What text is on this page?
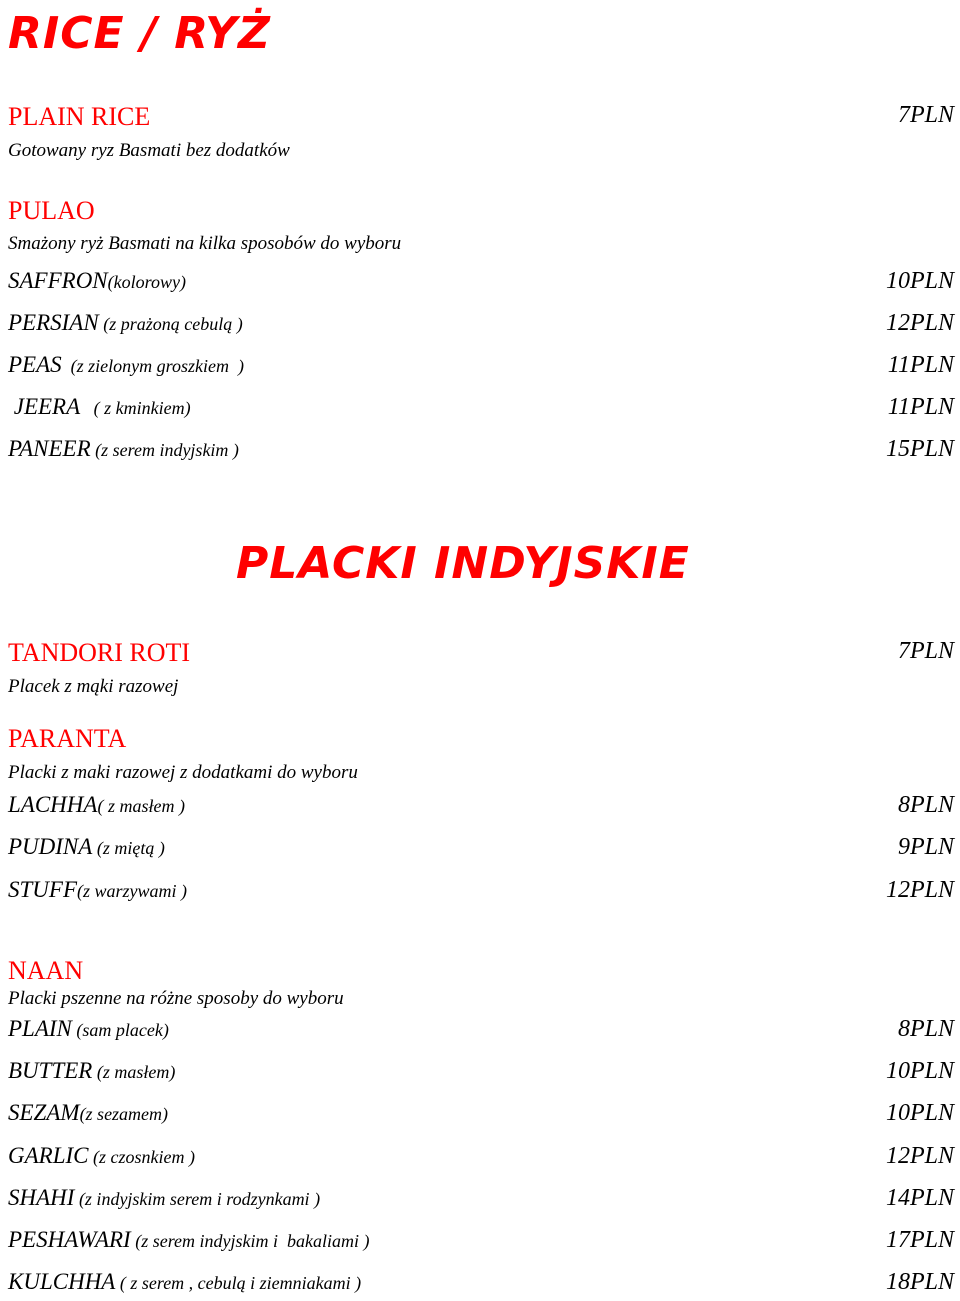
RICE / RYŻ
PLAIN RICE
Gotowany ryz Basmati bez dodatków
7PLN
PULAO
Smażony ryż Basmati na kilka sposobów do wyboru
SAFFRON(kolorowy)	10PLN
PERSIAN (z prażoną cebulą )	12PLN
PEAS  (z zielonym groszkiem  )	11PLN
JEERA   ( z kminkiem)	11PLN
PANEER (z serem indyjskim )	15PLN
PLACKI INDYJSKIE
TANDORI ROTI
Placek z mąki razowej
7PLN
PARANTA
Placki z maki razowej z dodatkami do wyboru
LACHHA( z masłem )	8PLN
PUDINA (z miętą )	9PLN
STUFF(z warzywami )	12PLN
NAAN
Placki pszenne na różne sposoby do wyboru
PLAIN (sam placek)	8PLN
BUTTER (z masłem)	10PLN
SEZAM(z sezamem)	10PLN
GARLIC (z czosnkiem )	12PLN
SHAHI (z indyjskim serem i rodzynkami )	14PLN
PESHAWARI (z serem indyjskim i  bakaliami )	17PLN
KULCHHA ( z serem , cebulą i ziemniakami )	18PLN
